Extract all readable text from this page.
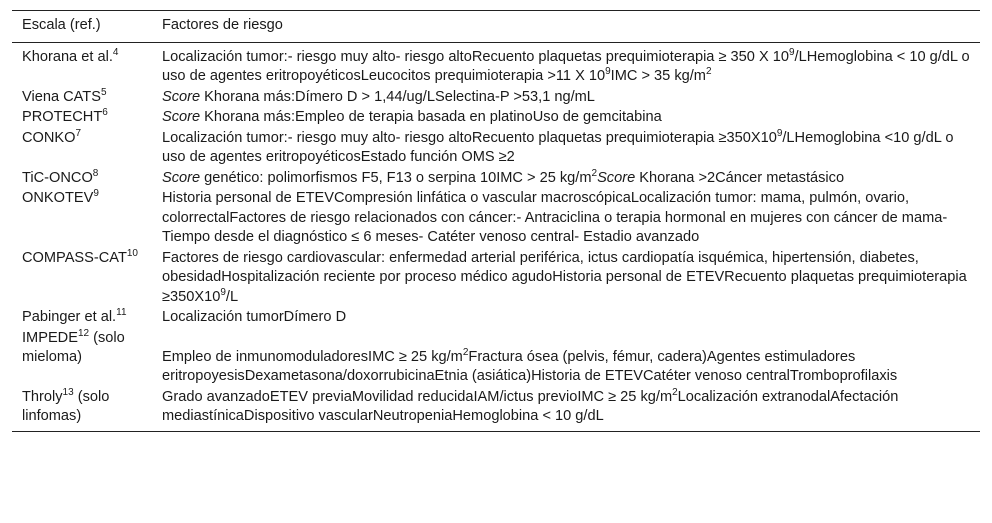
Escala (ref.)	Factores de riesgo
Khorana et al.$^4$	Localización tumor:- riesgo muy alto- riesgo altoRecuento plaquetas prequimioterapia ≥ 350 X $10^9$/LHemoglobina < 10 g/dL o uso de agentes eritropoyéticosLeucocitos prequimioterapia >11 X $10^9IMC > 35$ $kg/m^2$
Viena CATS$^5$	Score Khorana más:Dímero D > 1,44/ug/LSelectina-P >53,1 ng/mL
PROTECHT$^6$	Score Khorana más:Empleo de terapia basada en platinoUso de gemcitabina
CONKO$^7$	Localización tumor:- riesgo muy alto- riesgo altoRecuento plaquetas prequimioterapia $\ge 350X10^9$/LHemoglobina <10 g/dL o uso de agentes eritropoyéticosEstado función OMS ≥2
TiC-ONCO$^8$	Score genético: polimorfismos F5, F13 o serpina 10IMC > 25 $kg/m^2Score$ Khorana >2Cáncer metastásico
ONKOTEV$^9$	Historia personal de ETEVCompresión linfática o vascular macroscópicaLocalización tumor: mama, pulmón, ovario, colorrectalFactores de riesgo relacionados con cáncer:- Antraciclina o terapia hormonal en mujeres con cáncer de mama- Tiempo desde el diagnóstico ≤ 6 meses- Catéter venoso central- Estadio avanzado
COMPASS-CAT$^{10}$	Factores de riesgo cardiovascular: enfermedad arterial periférica, ictus cardiopatía isquémica, hipertensión, diabetes, obesidadHospitalización reciente por proceso médico agudoHistoria personal de ETEVRecuento plaquetas prequimioterapia $\ge 350X10^9/L$
Pabinger et al.$^{11}$	Localización tumorDímero D
IMPEDE$^{12}$ (solo mieloma)	Empleo de inmunomoduladoresIMC ≥ 25 $kg/m^2Fractura$ ósea (pelvis, fémur, cadera)Agentes estimuladores eritropoyesisDexametasona/doxorrubicinaEtnia (asiática)Historia de ETEVCatéter venoso centralTromboprofilaxis
Throly$^{13}$ (solo linfomas)	Grado avanzadoETEV previaMovilidad reducidaIAM/ictus previoIMC ≥ 25 $kg/m^2Localización$ extranodalAfectación mediastínicaDispositivo vascularNeutropeniaHemoglobina < 10 g/dL
